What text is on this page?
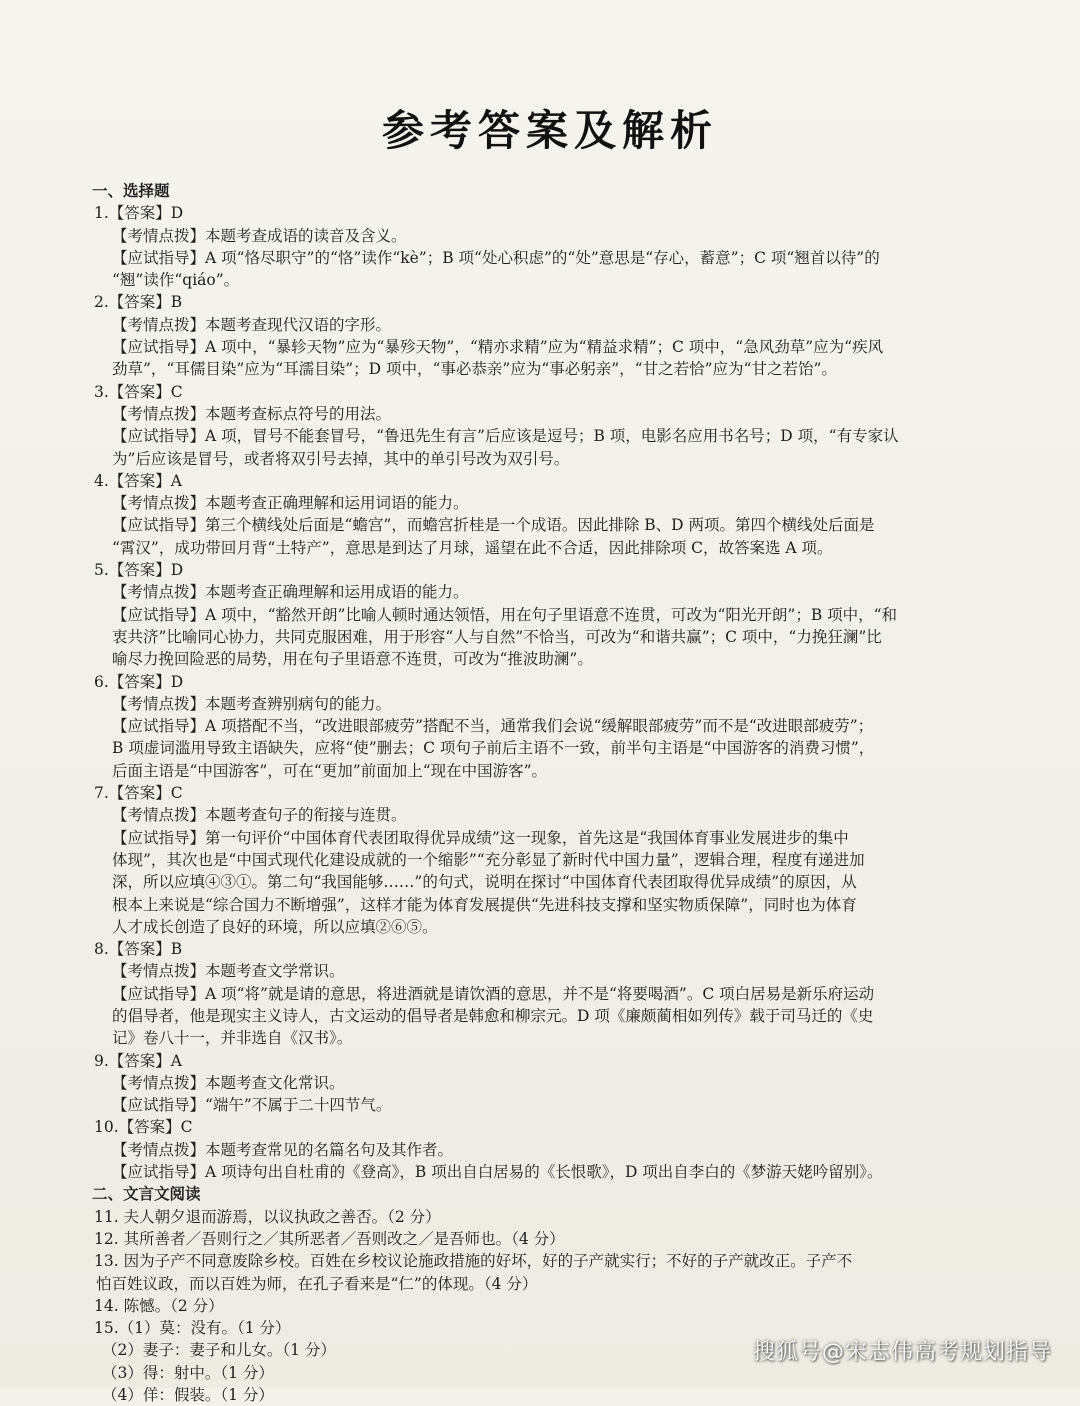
参考答案及解析
一、选择题
1.【答案】D
【考情点拨】本题考查成语的读音及含义。
【应试指导】A 项“恪尽职守”的“恪”读作“kè”；B 项“处心积虑”的“处”意思是“存心，蓄意”；C 项“翘首以待”的
“翘”读作“qiáo”。
2.【答案】B
【考情点拨】本题考查现代汉语的字形。
【应试指导】A 项中，“暴轸天物”应为“暴殄天物”，“精亦求精”应为“精益求精”；C 项中，“急风劲草”应为“疾风
劲草”，“耳儒目染”应为“耳濡目染”；D 项中，“事必恭亲”应为“事必躬亲”，“甘之若恰”应为“甘之若饴”。
3.【答案】C
【考情点拨】本题考查标点符号的用法。
【应试指导】A 项，冒号不能套冒号，“鲁迅先生有言”后应该是逗号；B 项，电影名应用书名号；D 项，“有专家认
为”后应该是冒号，或者将双引号去掉，其中的单引号改为双引号。
4.【答案】A
【考情点拨】本题考查正确理解和运用词语的能力。
【应试指导】第三个横线处后面是“蟾宫”，而蟾宫折桂是一个成语。因此排除 B、D 两项。第四个横线处后面是
“霄汉”，成功带回月背“土特产”，意思是到达了月球，遥望在此不合适，因此排除项 C，故答案选 A 项。
5.【答案】D
【考情点拨】本题考查正确理解和运用成语的能力。
【应试指导】A 项中，“豁然开朗”比喻人顿时通达领悟，用在句子里语意不连贯，可改为“阳光开朗”；B 项中，“和
衷共济”比喻同心协力，共同克服困难，用于形容“人与自然”不恰当，可改为“和谐共赢”；C 项中，“力挽狂澜”比
喻尽力挽回险恶的局势，用在句子里语意不连贯，可改为“推波助澜”。
6.【答案】D
【考情点拨】本题考查辨别病句的能力。
【应试指导】A 项搭配不当，“改进眼部疲劳”搭配不当，通常我们会说“缓解眼部疲劳”而不是“改进眼部疲劳”；
B 项虚词滥用导致主语缺失，应将“使”删去；C 项句子前后主语不一致，前半句主语是“中国游客的消费习惯”，
后面主语是“中国游客”，可在“更加”前面加上“现在中国游客”。
7.【答案】C
【考情点拨】本题考查句子的衔接与连贯。
【应试指导】第一句评价“中国体育代表团取得优异成绩”这一现象，首先这是“我国体育事业发展进步的集中
体现”，其次也是“中国式现代化建设成就的一个缩影”“充分彰显了新时代中国力量”，逻辑合理，程度有递进加
深，所以应填④③①。第二句“我国能够……”的句式，说明在探讨“中国体育代表团取得优异成绩”的原因，从
根本上来说是“综合国力不断增强”，这样才能为体育发展提供“先进科技支撑和坚实物质保障”，同时也为体育
人才成长创造了良好的环境，所以应填②⑥⑤。
8.【答案】B
【考情点拨】本题考查文学常识。
【应试指导】A 项“将”就是请的意思，将进酒就是请饮酒的意思，并不是“将要喝酒”。C 项白居易是新乐府运动
的倡导者，他是现实主义诗人，古文运动的倡导者是韩愈和柳宗元。D 项《廉颇蔺相如列传》载于司马迁的《史
记》卷八十一，并非选自《汉书》。
9.【答案】A
【考情点拨】本题考查文化常识。
【应试指导】“端午”不属于二十四节气。
10.【答案】C
【考情点拨】本题考查常见的名篇名句及其作者。
【应试指导】A 项诗句出自杜甫的《登高》，B 项出自白居易的《长恨歌》，D 项出自李白的《梦游天姥吟留别》。
二、文言文阅读
11. 夫人朝夕退而游焉，以议执政之善否。（2 分）
12. 其所善者／吾则行之／其所恶者／吾则改之／是吾师也。（4 分）
13. 因为子产不同意废除乡校。百姓在乡校议论施政措施的好坏，好的子产就实行；不好的子产就改正。子产不
怕百姓议政，而以百姓为师，在孔子看来是“仁”的体现。（4 分）
14. 陈憾。（2 分）
15.（1）莫：没有。（1 分）
（2）妻子：妻子和儿女。（1 分）
（3）得：射中。（1 分）
（4）佯：假装。（1 分）
搜狐号@宋志伟高考规划指导
